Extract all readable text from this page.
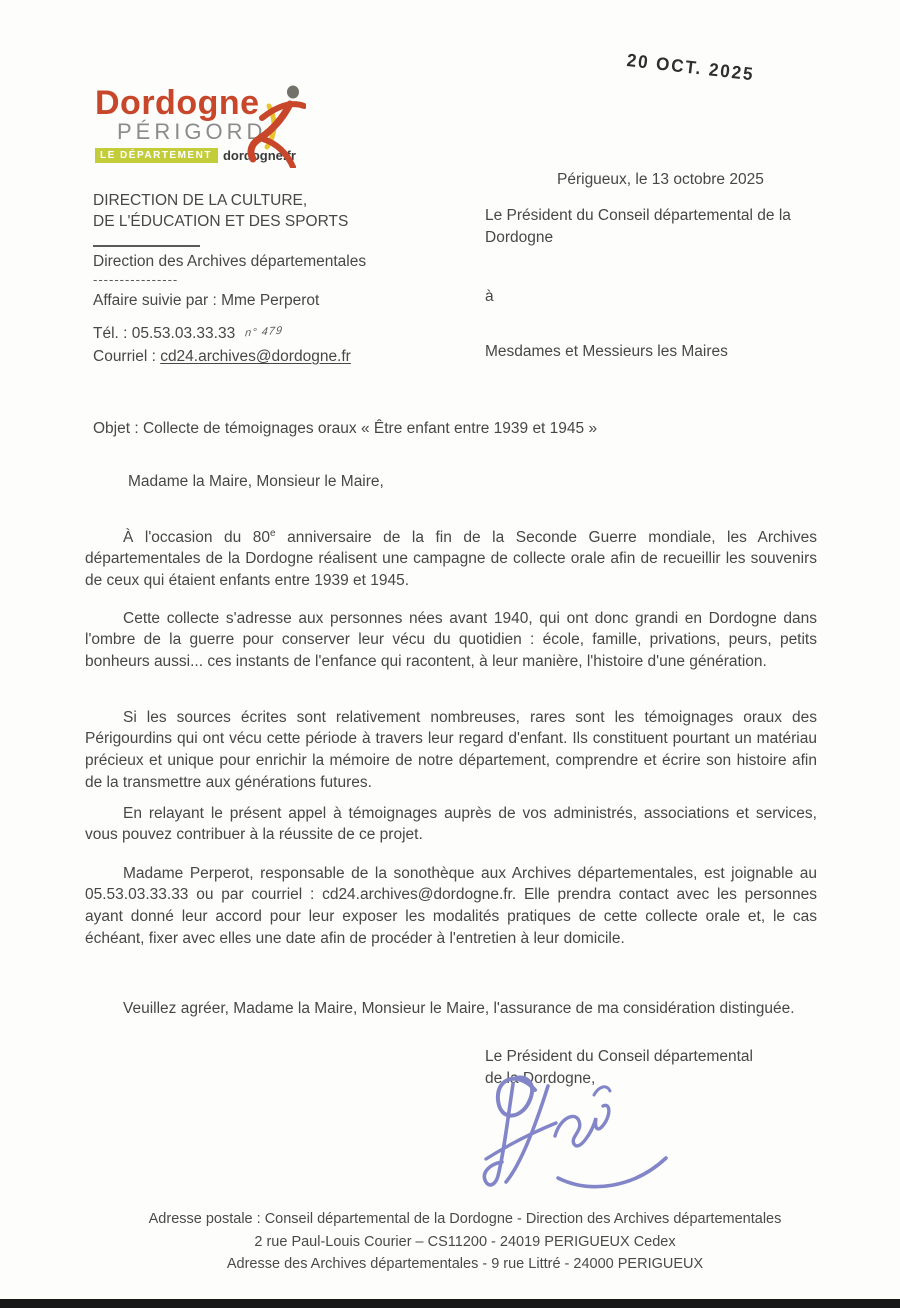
20 OCT. 2025
Dordogne
PÉRIGORD
LE DÉPARTEMENT dordogne.fr
DIRECTION DE LA CULTURE,
DE L'ÉDUCATION ET DES SPORTS
Direction des Archives départementales
----------------
Affaire suivie par : Mme Perperot
Tél. : 05.53.03.33.33 n° 479
Courriel : cd24.archives@dordogne.fr
Périgueux, le 13 octobre 2025
Le Président du Conseil départemental de la Dordogne
à
Mesdames et Messieurs les Maires
Objet : Collecte de témoignages oraux « Être enfant entre 1939 et 1945 »
Madame la Maire, Monsieur le Maire,

À l'occasion du 80e anniversaire de la fin de la Seconde Guerre mondiale, les Archives départementales de la Dordogne réalisent une campagne de collecte orale afin de recueillir les souvenirs de ceux qui étaient enfants entre 1939 et 1945.

Cette collecte s'adresse aux personnes nées avant 1940, qui ont donc grandi en Dordogne dans l'ombre de la guerre pour conserver leur vécu du quotidien : école, famille, privations, peurs, petits bonheurs aussi... ces instants de l'enfance qui racontent, à leur manière, l'histoire d'une génération.

Si les sources écrites sont relativement nombreuses, rares sont les témoignages oraux des Périgourdins qui ont vécu cette période à travers leur regard d'enfant. Ils constituent pourtant un matériau précieux et unique pour enrichir la mémoire de notre département, comprendre et écrire son histoire afin de la transmettre aux générations futures.

En relayant le présent appel à témoignages auprès de vos administrés, associations et services, vous pouvez contribuer à la réussite de ce projet.

Madame Perperot, responsable de la sonothèque aux Archives départementales, est joignable au 05.53.03.33.33 ou par courriel : cd24.archives@dordogne.fr. Elle prendra contact avec les personnes ayant donné leur accord pour leur exposer les modalités pratiques de cette collecte orale et, le cas échéant, fixer avec elles une date afin de procéder à l'entretien à leur domicile.

Veuillez agréer, Madame la Maire, Monsieur le Maire, l'assurance de ma considération distinguée.

Le Président du Conseil départemental
de la Dordogne,
Adresse postale : Conseil départemental de la Dordogne - Direction des Archives départementales
2 rue Paul-Louis Courier – CS11200 - 24019 PERIGUEUX Cedex
Adresse des Archives départementales - 9 rue Littré - 24000 PERIGUEUX
